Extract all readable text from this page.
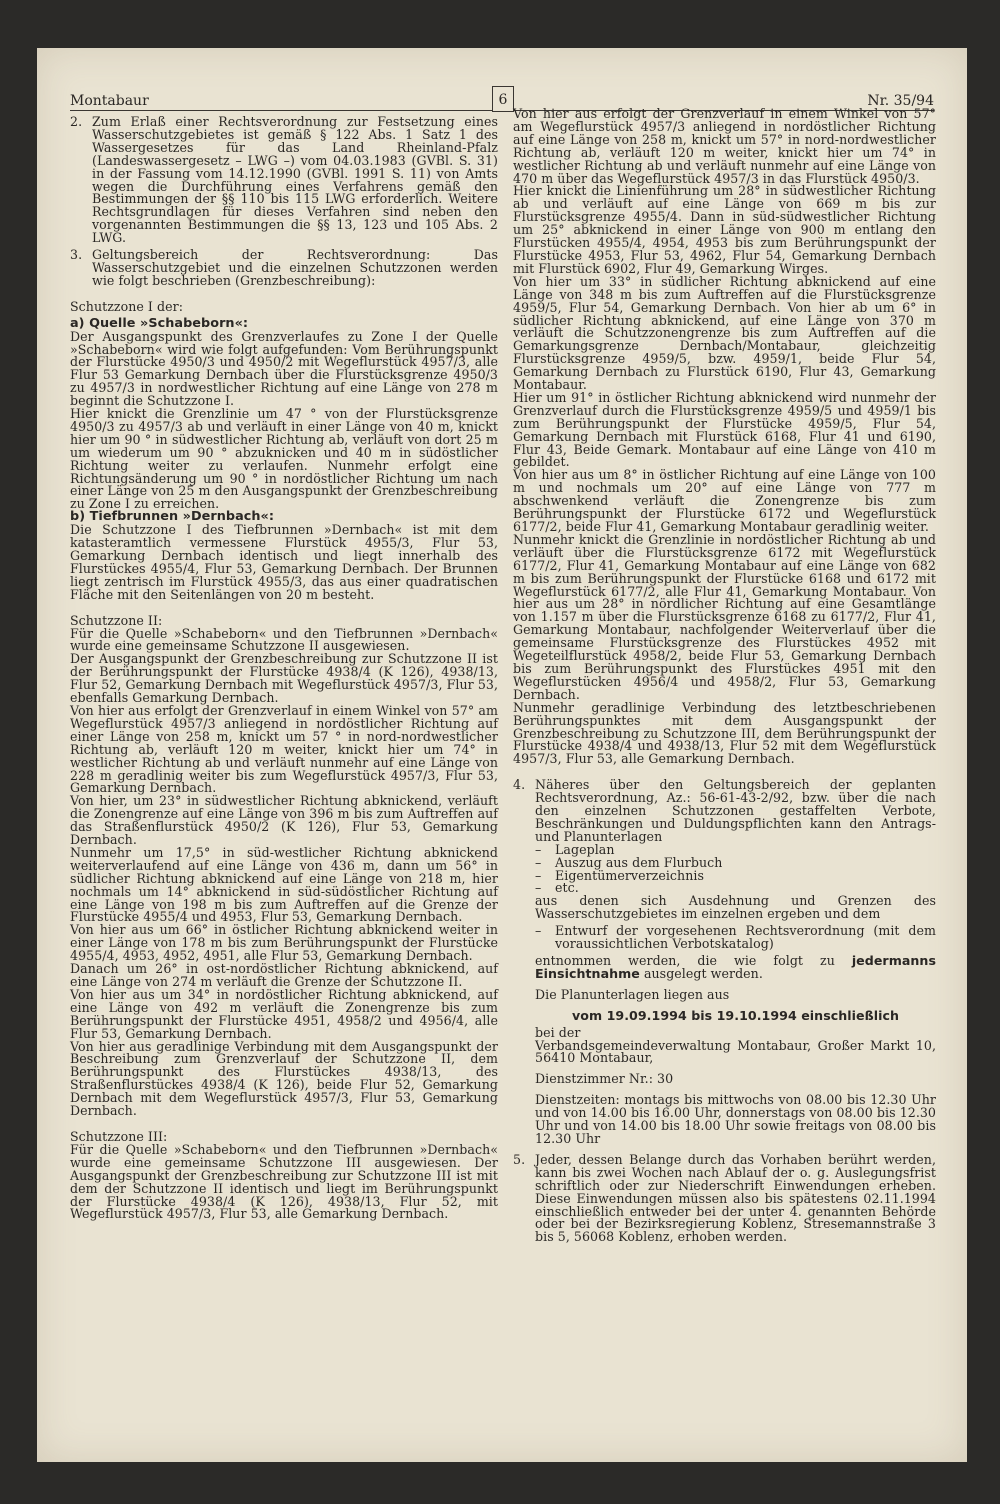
Montabaur	6	Nr. 35/94
2. Zum Erlaß einer Rechtsverordnung zur Festsetzung eines Wasserschutzgebietes ist gemäß § 122 Abs. 1 Satz 1 des Wassergesetzes für das Land Rheinland-Pfalz (Landeswassergesetz – LWG –) vom 04.03.1983 (GVBl. S. 31) in der Fassung vom 14.12.1990 (GVBl. 1991 S. 11) von Amts wegen die Durchführung eines Verfahrens gemäß den Bestimmungen der §§ 110 bis 115 LWG erforderlich. Weitere Rechtsgrundlagen für dieses Verfahren sind neben den vorgenannten Bestimmungen die §§ 13, 123 und 105 Abs. 2 LWG.

3. Geltungsbereich der Rechtsverordnung: Das Wasserschutzgebiet und die einzelnen Schutzzonen werden wie folgt beschrieben (Grenzbeschreibung):

Schutzzone I der:

a) Quelle »Schabeborn«:

Der Ausgangspunkt des Grenzverlaufes zu Zone I der Quelle »Schabeborn« wird wie folgt aufgefunden: Vom Berührungspunkt der Flurstücke 4950/3 und 4950/2 mit Wegeflurstück 4957/3, alle Flur 53 Gemarkung Dernbach über die Flurstücksgrenze 4950/3 zu 4957/3 in nordwestlicher Richtung auf eine Länge von 278 m beginnt die Schutzzone I.

Hier knickt die Grenzlinie um 47 ° von der Flurstücksgrenze 4950/3 zu 4957/3 ab und verläuft in einer Länge von 40 m, knickt hier um 90 ° in südwestlicher Richtung ab, verläuft von dort 25 m um wiederum um 90 ° abzuknicken und 40 m in südöstlicher Richtung weiter zu verlaufen. Nunmehr erfolgt eine Richtungsänderung um 90 ° in nordöstlicher Richtung um nach einer Länge von 25 m den Ausgangspunkt der Grenzbeschreibung zu Zone I zu erreichen.

b) Tiefbrunnen »Dernbach«:

Die Schutzzone I des Tiefbrunnen »Dernbach« ist mit dem katasteramtlich vermessene Flurstück 4955/3, Flur 53, Gemarkung Dernbach identisch und liegt innerhalb des Flurstückes 4955/4, Flur 53, Gemarkung Dernbach. Der Brunnen liegt zentrisch im Flurstück 4955/3, das aus einer quadratischen Fläche mit den Seitenlängen von 20 m besteht.

Schutzzone II:

Für die Quelle »Schabeborn« und den Tiefbrunnen »Dernbach« wurde eine gemeinsame Schutzzone II ausgewiesen.

Der Ausgangspunkt der Grenzbeschreibung zur Schutzzone II ist der Berührungspunkt der Flurstücke 4938/4 (K 126), 4938/13, Flur 52, Gemarkung Dernbach mit Wegeflurstück 4957/3, Flur 53, ebenfalls Gemarkung Dernbach.

Von hier aus erfolgt der Grenzverlauf in einem Winkel von 57° am Wegeflurstück 4957/3 anliegend in nordöstlicher Richtung auf einer Länge von 258 m, knickt um 57 ° in nord-nordwestlicher Richtung ab, verläuft 120 m weiter, knickt hier um 74° in westlicher Richtung ab und verläuft nunmehr auf eine Länge von 228 m geradlinig weiter bis zum Wegeflurstück 4957/3, Flur 53, Gemarkung Dernbach.

Von hier, um 23° in südwestlicher Richtung abknickend, verläuft die Zonengrenze auf eine Länge von 396 m bis zum Auftreffen auf das Straßenflurstück 4950/2 (K 126), Flur 53, Gemarkung Dernbach.

Nunmehr um 17,5° in süd-westlicher Richtung abknickend weiterverlaufend auf eine Länge von 436 m, dann um 56° in südlicher Richtung abknickend auf eine Länge von 218 m, hier nochmals um 14° abknickend in süd-südöstlicher Richtung auf eine Länge von 198 m bis zum Auftreffen auf die Grenze der Flurstücke 4955/4 und 4953, Flur 53, Gemarkung Dernbach.

Von hier aus um 66° in östlicher Richtung abknickend weiter in einer Länge von 178 m bis zum Berührungspunkt der Flurstücke 4955/4, 4953, 4952, 4951, alle Flur 53, Gemarkung Dernbach.

Danach um 26° in ost-nordöstlicher Richtung abknickend, auf eine Länge von 274 m verläuft die Grenze der Schutzzone II.

Von hier aus um 34° in nordöstlicher Richtung abknickend, auf eine Länge von 492 m verläuft die Zonengrenze bis zum Berührungspunkt der Flurstücke 4951, 4958/2 und 4956/4, alle Flur 53, Gemarkung Dernbach.

Von hier aus geradlinige Verbindung mit dem Ausgangspunkt der Beschreibung zum Grenzverlauf der Schutzzone II, dem Berührungspunkt des Flurstückes 4938/13, des Straßenflurstückes 4938/4 (K 126), beide Flur 52, Gemarkung Dernbach mit dem Wegeflurstück 4957/3, Flur 53, Gemarkung Dernbach.

Schutzzone III:

Für die Quelle »Schabeborn« und den Tiefbrunnen »Dernbach« wurde eine gemeinsame Schutzzone III ausgewiesen. Der Ausgangspunkt der Grenzbeschreibung zur Schutzzone III ist mit dem der Schutzzone II identisch und liegt im Berührungspunkt der Flurstücke 4938/4 (K 126), 4938/13, Flur 52, mit Wegeflurstück 4957/3, Flur 53, alle Gemarkung Dernbach.

Von hier aus erfolgt der Grenzverlauf in einem Winkel von 57° am Wegeflurstück 4957/3 anliegend in nordöstlicher Richtung auf eine Länge von 258 m, knickt um 57° in nord-nordwestlicher Richtung ab, verläuft 120 m weiter, knickt hier um 74° in westlicher Richtung ab und verläuft nunmehr auf eine Länge von 470 m über das Wegeflurstück 4957/3 in das Flurstück 4950/3.

Hier knickt die Linienführung um 28° in südwestlicher Richtung ab und verläuft auf eine Länge von 669 m bis zur Flurstücksgrenze 4955/4. Dann in süd-südwestlicher Richtung um 25° abknickend in einer Länge von 900 m entlang den Flurstücken 4955/4, 4954, 4953 bis zum Berührungspunkt der Flurstücke 4953, Flur 53, 4962, Flur 54, Gemarkung Dernbach mit Flurstück 6902, Flur 49, Gemarkung Wirges.

Von hier um 33° in südlicher Richtung abknickend auf eine Länge von 348 m bis zum Auftreffen auf die Flurstücksgrenze 4959/5, Flur 54, Gemarkung Dernbach. Von hier ab um 6° in südlicher Richtung abknickend, auf eine Länge von 370 m verläuft die Schutzzonengrenze bis zum Auftreffen auf die Gemarkungsgrenze Dernbach/Montabaur, gleichzeitig Flurstücksgrenze 4959/5, bzw. 4959/1, beide Flur 54, Gemarkung Dernbach zu Flurstück 6190, Flur 43, Gemarkung Montabaur.

Hier um 91° in östlicher Richtung abknickend wird nunmehr der Grenzverlauf durch die Flurstücksgrenze 4959/5 und 4959/1 bis zum Berührungspunkt der Flurstücke 4959/5, Flur 54, Gemarkung Dernbach mit Flurstück 6168, Flur 41 und 6190, Flur 43, Beide Gemark. Montabaur auf eine Länge von 410 m gebildet.

Von hier aus um 8° in östlicher Richtung auf eine Länge von 100 m und nochmals um 20° auf eine Länge von 777 m abschwenkend verläuft die Zonengrenze bis zum Berührungspunkt der Flurstücke 6172 und Wegeflurstück 6177/2, beide Flur 41, Gemarkung Montabaur geradlinig weiter.

Nunmehr knickt die Grenzlinie in nordöstlicher Richtung ab und verläuft über die Flurstücksgrenze 6172 mit Wegeflurstück 6177/2, Flur 41, Gemarkung Montabaur auf eine Länge von 682 m bis zum Berührungspunkt der Flurstücke 6168 und 6172 mit Wegeflurstück 6177/2, alle Flur 41, Gemarkung Montabaur. Von hier aus um 28° in nördlicher Richtung auf eine Gesamtlänge von 1.157 m über die Flurstücksgrenze 6168 zu 6177/2, Flur 41, Gemarkung Montabaur, nachfolgender Weiterverlauf über die gemeinsame Flurstücksgrenze des Flurstückes 4952 mit Wegeteilflurstück 4958/2, beide Flur 53, Gemarkung Dernbach bis zum Berührungspunkt des Flurstückes 4951 mit den Wegeflurstücken 4956/4 und 4958/2, Flur 53, Gemarkung Dernbach.

Nunmehr geradlinige Verbindung des letztbeschriebenen Berührungspunktes mit dem Ausgangspunkt der Grenzbeschreibung zu Schutzzone III, dem Berührungspunkt der Flurstücke 4938/4 und 4938/13, Flur 52 mit dem Wegeflurstück 4957/3, Flur 53, alle Gemarkung Dernbach.

4. Näheres über den Geltungsbereich der geplanten Rechtsverordnung, Az.: 56-61-43-2/92, bzw. über die nach den einzelnen Schutzzonen gestaffelten Verbote, Beschränkungen und Duldungspflichten kann den Antrags- und Planunterlagen

–	Lageplan
–	Auszug aus dem Flurbuch
–	Eigentümerverzeichnis
–	etc.

aus denen sich Ausdehnung und Grenzen des Wasserschutzgebietes im einzelnen ergeben und dem

–	Entwurf der vorgesehenen Rechtsverordnung (mit dem voraussichtlichen Verbotskatalog)

entnommen werden, die wie folgt zu jedermanns Einsichtnahme ausgelegt werden.

Die Planunterlagen liegen aus

vom 19.09.1994 bis 19.10.1994 einschließlich

bei der

Verbandsgemeindeverwaltung Montabaur, Großer Markt 10, 56410 Montabaur,

Dienstzimmer Nr.: 30

Dienstzeiten: montags bis mittwochs von 08.00 bis 12.30 Uhr und von 14.00 bis 16.00 Uhr, donnerstags von 08.00 bis 12.30 Uhr und von 14.00 bis 18.00 Uhr sowie freitags von 08.00 bis 12.30 Uhr

5. Jeder, dessen Belange durch das Vorhaben berührt werden, kann bis zwei Wochen nach Ablauf der o. g. Auslegungsfrist schriftlich oder zur Niederschrift Einwendungen erheben. Diese Einwendungen müssen also bis spätestens 02.11.1994 einschließlich entweder bei der unter 4. genannten Behörde oder bei der Bezirksregierung Koblenz, Stresemannstraße 3 bis 5, 56068 Koblenz, erhoben werden.
